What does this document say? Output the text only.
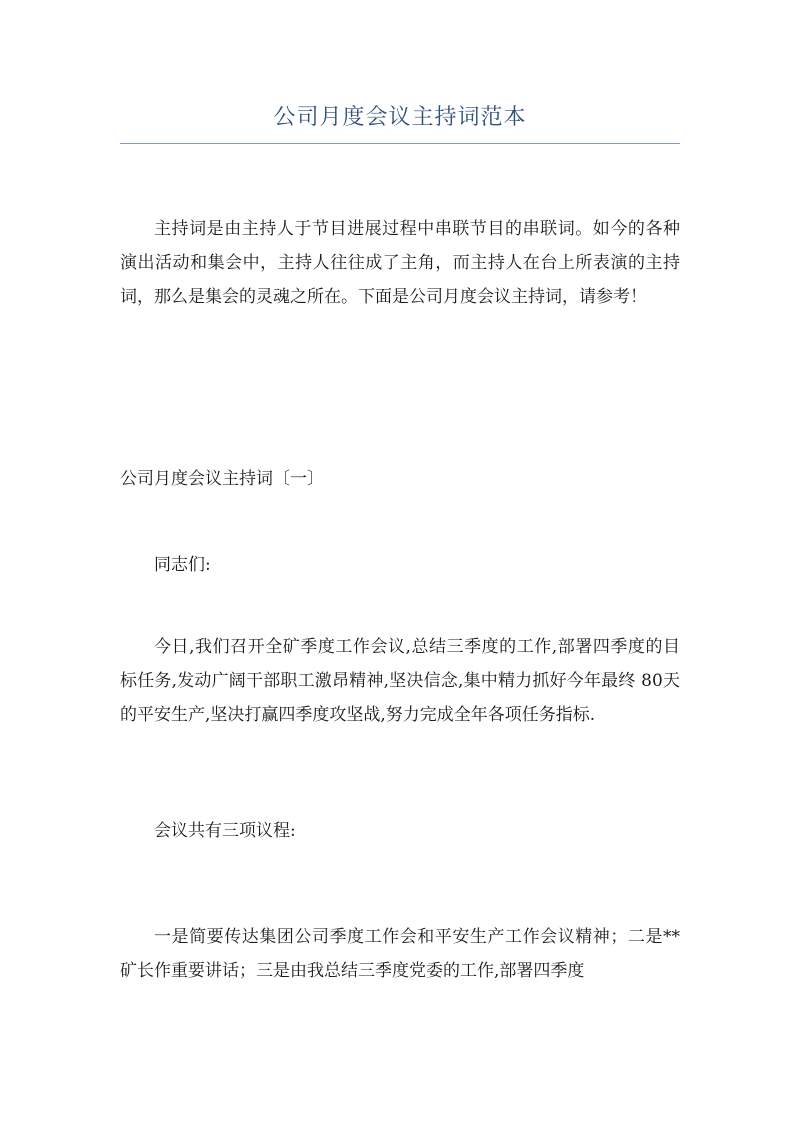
公司月度会议主持词范本

主持词是由主持人于节目进展过程中串联节目的串联词。如今的各种演出活动和集会中，主持人往往成了主角，而主持人在台上所表演的主持词，那么是集会的灵魂之所在。下面是公司月度会议主持词，请参考！

公司月度会议主持词〔一〕

同志们:

今日,我们召开全矿季度工作会议,总结三季度的工作,部署四季度的目标任务,发动广阔干部职工激昂精神,坚决信念,集中精力抓好今年最终 80天的平安生产,坚决打赢四季度攻坚战,努力完成全年各项任务指标.

会议共有三项议程:

一是简要传达集团公司季度工作会和平安生产工作会议精神；二是**矿长作重要讲话；三是由我总结三季度党委的工作,部署四季度
